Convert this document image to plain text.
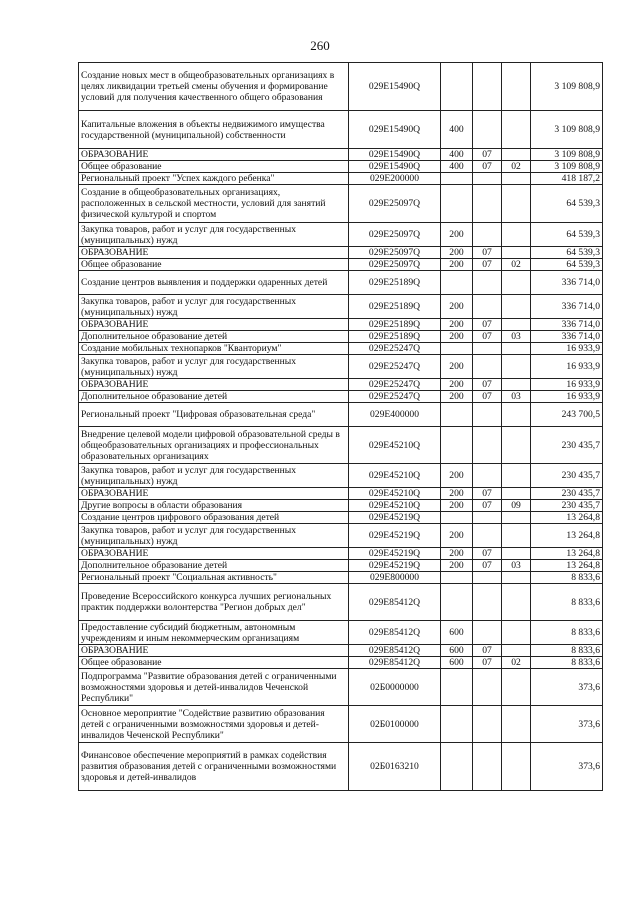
260
Создание новых мест в общеобразовательных организациях в целях ликвидации третьей смены обучения и формирование условий для получения качественного общего образования	029E15490Q				3 109 808,9
Капитальные вложения в объекты недвижимого имущества государственной (муниципальной) собственности	029E15490Q	400			3 109 808,9
ОБРАЗОВАНИЕ	029E15490Q	400	07		3 109 808,9
Общее образование	029E15490Q	400	07	02	3 109 808,9
Региональный проект "Успех каждого ребенка"	029E200000				418 187,2
Создание в общеобразовательных организациях, расположенных в сельской местности, условий для занятий физической культурой и спортом	029E25097Q				64 539,3
Закупка товаров, работ и услуг для государственных (муниципальных) нужд	029E25097Q	200			64 539,3
ОБРАЗОВАНИЕ	029E25097Q	200	07		64 539,3
Общее образование	029E25097Q	200	07	02	64 539,3
Создание центров выявления и поддержки одаренных детей	029E25189Q				336 714,0
Закупка товаров, работ и услуг для государственных (муниципальных) нужд	029E25189Q	200			336 714,0
ОБРАЗОВАНИЕ	029E25189Q	200	07		336 714,0
Дополнительное образование детей	029E25189Q	200	07	03	336 714,0
Создание мобильных технопарков "Кванториум"	029E25247Q				16 933,9
Закупка товаров, работ и услуг для государственных (муниципальных) нужд	029E25247Q	200			16 933,9
ОБРАЗОВАНИЕ	029E25247Q	200	07		16 933,9
Дополнительное образование детей	029E25247Q	200	07	03	16 933,9
Региональный проект "Цифровая образовательная среда"	029E400000				243 700,5
Внедрение целевой модели цифровой образовательной среды в общеобразовательных организациях и профессиональных образовательных организациях	029E45210Q				230 435,7
Закупка товаров, работ и услуг для государственных (муниципальных) нужд	029E45210Q	200			230 435,7
ОБРАЗОВАНИЕ	029E45210Q	200	07		230 435,7
Другие вопросы в области образования	029E45210Q	200	07	09	230 435,7
Создание центров цифрового образования детей	029E45219Q				13 264,8
Закупка товаров, работ и услуг для государственных (муниципальных) нужд	029E45219Q	200			13 264,8
ОБРАЗОВАНИЕ	029E45219Q	200	07		13 264,8
Дополнительное образование детей	029E45219Q	200	07	03	13 264,8
Региональный проект "Социальная активность"	029E800000				8 833,6
Проведение Всероссийского конкурса лучших региональных практик поддержки волонтерства "Регион добрых дел"	029E85412Q				8 833,6
Предоставление субсидий бюджетным, автономным учреждениям и иным некоммерческим организациям	029E85412Q	600			8 833,6
ОБРАЗОВАНИЕ	029E85412Q	600	07		8 833,6
Общее образование	029E85412Q	600	07	02	8 833,6
Подпрограмма "Развитие образования детей с ограниченными возможностями здоровья и детей-инвалидов Чеченской Республики"	02Б0000000				373,6
Основное мероприятие "Содействие развитию образования детей с ограниченными возможностями здоровья и детей-инвалидов Чеченской Республики"	02Б0100000				373,6
Финансовое обеспечение мероприятий в рамках содействия развития образования детей с ограниченными возможностями здоровья и детей-инвалидов	02Б0163210				373,6
